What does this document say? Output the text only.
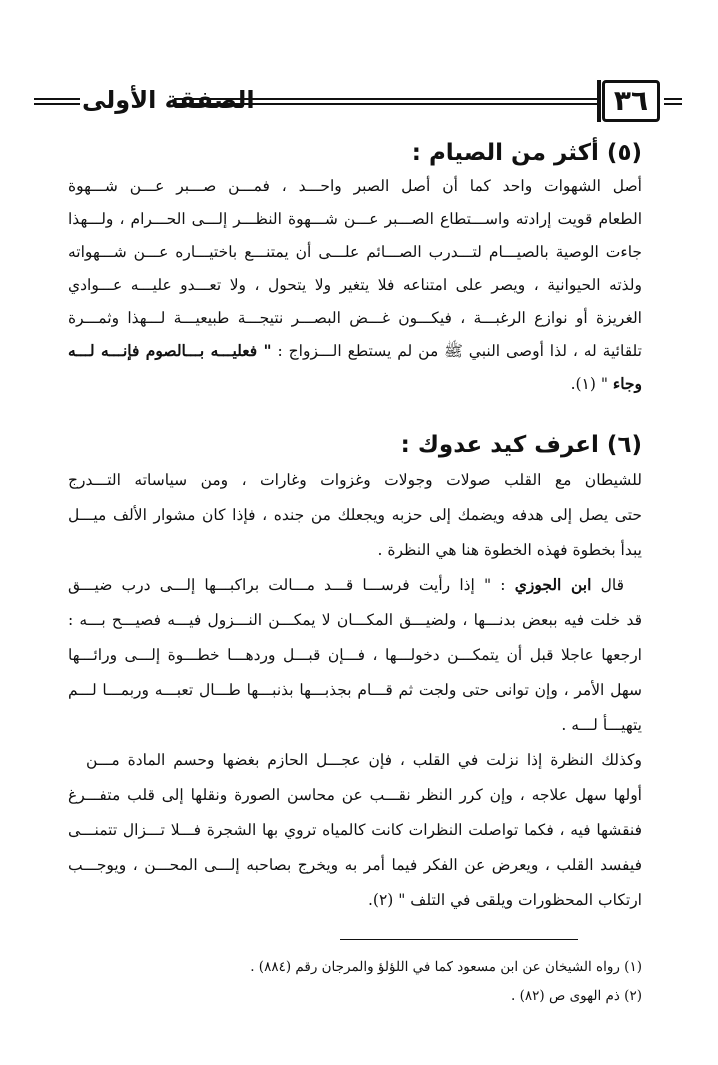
الصفقة الأولى	٣٦
(٥) أكثر من الصيام :
أصل الشهوات واحد كما أن أصل الصبر واحـــد ، فمـــن صـــبر عـــن شـــهوة
الطعام قويت إرادته واســـتطاع الصـــبر عـــن شـــهوة النظـــر إلـــى الحـــرام ، ولـــهذا
جاءت الوصية بالصيـــام لتـــدرب الصـــائم علـــى أن يمتنـــع باختيـــاره عـــن شـــهواته
ولذته الحيوانية ، ويصر على امتناعه فلا يتغير ولا يتحول ، ولا تعـــدو عليـــه عـــوادي
الغريزة أو نوازع الرغبـــة ، فيكـــون غـــض البصـــر نتيجـــة طبيعيـــة لـــهذا وثمـــرة
تلقائية له ، لذا أوصى النبي ﷺ من لم يستطع الـــزواج : " فعليـــه بـــالصوم فإنـــه لـــه
وجاء " (١).
(٦) اعرف كيد عدوك :
للشيطان مع القلب صولات وجولات وغزوات وغارات ، ومن سياساته التـــدرج
حتى يصل إلى هدفه ويضمك إلى حزبه ويجعلك من جنده ، فإذا كان مشوار الألف ميـــل
يبدأ بخطوة فهذه الخطوة هنا هي النظرة .
قال ابن الجوزي : " إذا رأيت فرســـا قـــد مـــالت براكبـــها إلـــى درب ضيـــق
قد خلت فيه ببعض بدنـــها ، ولضيـــق المكـــان لا يمكـــن النـــزول فيـــه فصيـــح بـــه :
ارجعها عاجلا قبل أن يتمكـــن دخولـــها ، فـــإن قبـــل وردهـــا خطـــوة إلـــى ورائـــها
سهل الأمر ، وإن توانى حتى ولجت ثم قـــام بجذبـــها بذنبـــها طـــال تعبـــه وربمـــا لـــم
يتهيـــأ لـــه .
وكذلك النظرة إذا نزلت في القلب ، فإن عجـــل الحازم بغضها وحسم المادة مـــن
أولها سهل علاجه ، وإن كرر النظر نقـــب عن محاسن الصورة ونقلها إلى قلب متفـــرغ
فنقشها فيه ، فكما تواصلت النظرات كانت كالمياه تروي بها الشجرة فـــلا تـــزال تتمنـــى
فيفسد القلب ، ويعرض عن الفكر فيما أمر به ويخرج بصاحبه إلـــى المحـــن ، ويوجـــب
ارتكاب المحظورات ويلقى في التلف " (٢).
(١) رواه الشيخان عن ابن مسعود كما في اللؤلؤ والمرجان رقم (٨٨٤) .
(٢) ذم الهوى ص (٨٢) .
